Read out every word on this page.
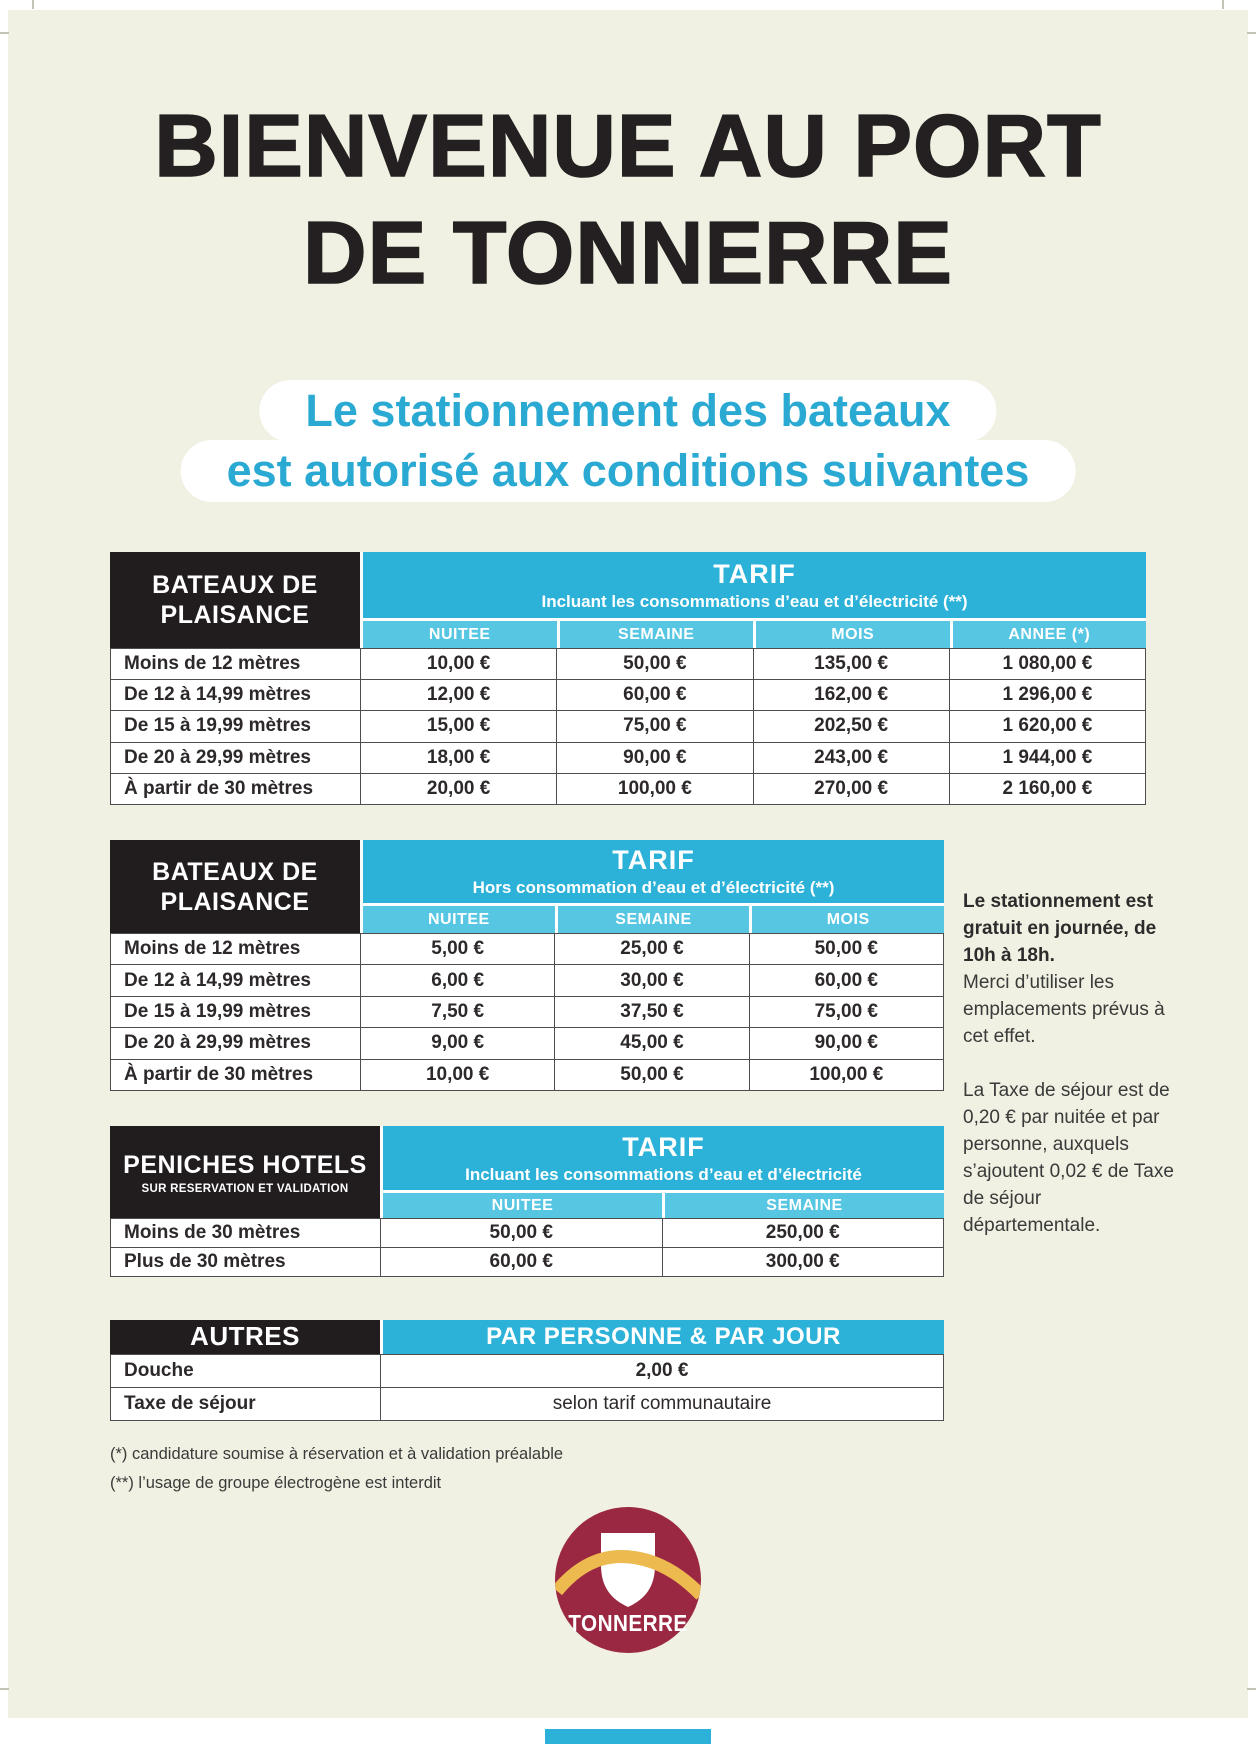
BIENVENUE AU PORT
DE TONNERRE
Le stationnement des bateaux
est autorisé aux conditions suivantes
BATEAUX DE PLAISANCE
TARIF
Incluant les consommations d’eau et d’électricité (**)
NUITEE	SEMAINE	MOIS	ANNEE (*)
Moins de 12 mètres	10,00 €	50,00 €	135,00 €	1 080,00 €
De 12 à 14,99 mètres	12,00 €	60,00 €	162,00 €	1 296,00 €
De 15 à 19,99 mètres	15,00 €	75,00 €	202,50 €	1 620,00 €
De 20 à 29,99 mètres	18,00 €	90,00 €	243,00 €	1 944,00 €
À partir de 30 mètres	20,00 €	100,00 €	270,00 €	2 160,00 €
BATEAUX DE PLAISANCE
TARIF
Hors consommation d’eau et d’électricité (**)
NUITEE	SEMAINE	MOIS
Moins de 12 mètres	5,00 €	25,00 €	50,00 €
De 12 à 14,99 mètres	6,00 €	30,00 €	60,00 €
De 15 à 19,99 mètres	7,50 €	37,50 €	75,00 €
De 20 à 29,99 mètres	9,00 €	45,00 €	90,00 €
À partir de 30 mètres	10,00 €	50,00 €	100,00 €
PENICHES HOTELS
SUR RESERVATION ET VALIDATION
TARIF
Incluant les consommations d’eau et d’électricité
NUITEE	SEMAINE
Moins de 30 mètres	50,00 €	250,00 €
Plus de 30 mètres	60,00 €	300,00 €
AUTRES	PAR PERSONNE & PAR JOUR
Douche	2,00 €
Taxe de séjour	selon tarif communautaire
Le stationnement est gratuit en journée, de 10h à 18h.
Merci d’utiliser les emplacements prévus à cet effet.
La Taxe de séjour est de 0,20 € par nuitée et par personne, auxquels s’ajoutent 0,02 € de Taxe de séjour départementale.
(*) candidature soumise à réservation et à validation préalable
(**) l’usage de groupe électrogène est interdit
TONNERRE
